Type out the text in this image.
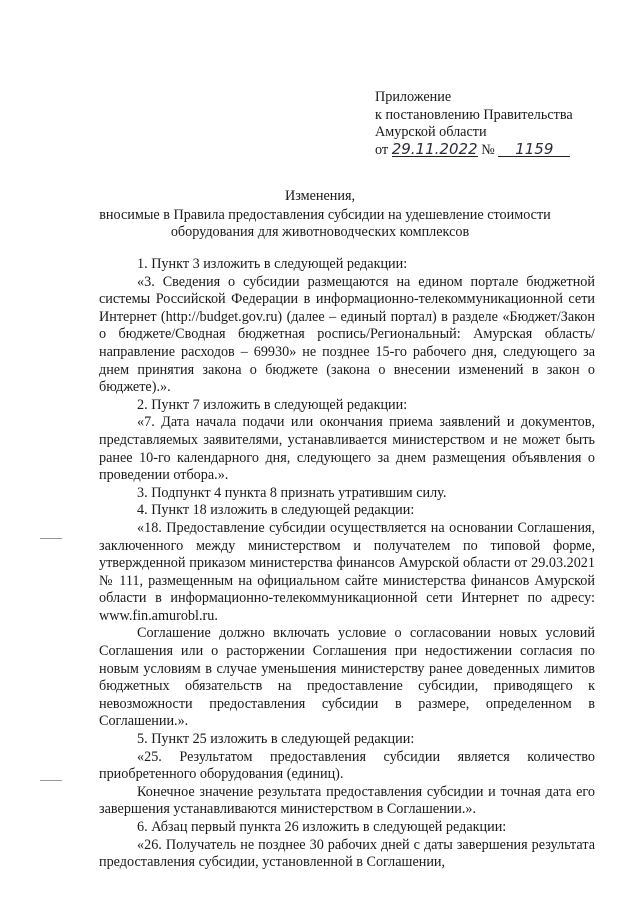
Приложение
к постановлению Правительства
Амурской области
от 29.11.2022 № 1159
Изменения,
вносимые в Правила предоставления субсидии на удешевление стоимости
оборудования для животноводческих комплексов

1. Пункт 3 изложить в следующей редакции:

«3. Сведения о субсидии размещаются на едином портале бюджетной системы Российской Федерации в информационно-телекоммуникационной сети Интернет (http://budget.gov.ru) (далее – единый портал) в разделе «Бюджет/Закон о бюджете/Сводная бюджетная роспись/Региональный: Амурская область/ направление расходов – 69930» не позднее 15-го рабочего дня, следующего за днем принятия закона о бюджете (закона о внесении изменений в закон о бюджете).».

2. Пункт 7 изложить в следующей редакции:

«7. Дата начала подачи или окончания приема заявлений и документов, представляемых заявителями, устанавливается министерством и не может быть ранее 10-го календарного дня, следующего за днем размещения объявления о проведении отбора.».

3. Подпункт 4 пункта 8 признать утратившим силу.

4. Пункт 18 изложить в следующей редакции:

«18. Предоставление субсидии осуществляется на основании Соглашения, заключенного между министерством и получателем по типовой форме, утвержденной приказом министерства финансов Амурской области от 29.03.2021 № 111, размещенным на официальном сайте министерства финансов Амурской области в информационно-телекоммуникационной сети Интернет по адресу: www.fin.amurobl.ru.

Соглашение должно включать условие о согласовании новых условий Соглашения или о расторжении Соглашения при недостижении согласия по новым условиям в случае уменьшения министерству ранее доведенных лимитов бюджетных обязательств на предоставление субсидии, приводящего к невозможности предоставления субсидии в размере, определенном в Соглашении.».

5. Пункт 25 изложить в следующей редакции:

«25. Результатом предоставления субсидии является количество приобретенного оборудования (единиц).

Конечное значение результата предоставления субсидии и точная дата его завершения устанавливаются министерством в Соглашении.».

6. Абзац первый пункта 26 изложить в следующей редакции:

«26. Получатель не позднее 30 рабочих дней с даты завершения результата предоставления субсидии, установленной в Соглашении,
